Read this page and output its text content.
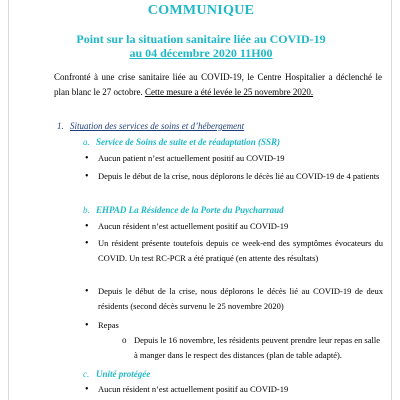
COMMUNIQUE
Point sur la situation sanitaire liée au COVID-19
au 04 décembre 2020 11H00
Confronté à une crise sanitaire liée au COVID-19, le Centre Hospitalier a déclenché le plan blanc le 27 octobre. Cette mesure a été levée le 25 novembre 2020.
1. Situation des services de soins et d’hébergement
a. Service de Soins de suite et de réadaptation (SSR)
•	Aucun patient n’est actuellement positif au COVID-19
•	Depuis le début de la crise, nous déplorons le décès lié au COVID-19 de 4 patients
b. EHPAD La Résidence de la Porte du Puycharraud
•	Aucun résident n’est actuellement positif au COVID-19
•	Un résident présente toutefois depuis ce week-end des symptômes évocateurs du COVID. Un test RC-PCR a été pratiqué (en attente des résultats)
•	Depuis le début de la crise, nous déplorons le décès lié au COVID-19 de deux résidents (second décès survenu le 25 novembre 2020)
•	Repas
o Depuis le 16 novembre, les résidents peuvent prendre leur repas en salle à manger dans le respect des distances (plan de table adapté).
c. Unité protégée
•	Aucun résident n’est actuellement positif au COVID-19
